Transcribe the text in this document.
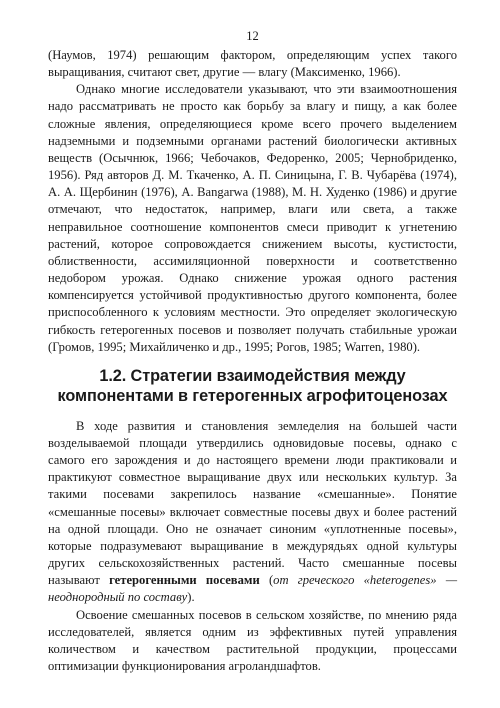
12

(Наумов, 1974) решающим фактором, определяющим успех такого выращивания, считают свет, другие — влагу (Максименко, 1966).

Однако многие исследователи указывают, что эти взаимоотношения надо рассматривать не просто как борьбу за влагу и пищу, а как более сложные явления, определяющиеся кроме всего прочего выделением надземными и подземными органами растений биологически активных веществ (Осычнюк, 1966; Чебочаков, Федоренко, 2005; Чернобриденко, 1956). Ряд авторов Д. М. Ткаченко, А. П. Синицына, Г. В. Чубарёва (1974), А. А. Щербинин (1976), А. Bangarwa (1988), М. Н. Худенко (1986) и другие отмечают, что недостаток, например, влаги или света, а также неправильное соотношение компонентов смеси приводит к угнетению растений, которое сопровождается снижением высоты, кустистости, облиственности, ассимиляционной поверхности и соответственно недобором урожая. Однако снижение урожая одного растения компенсируется устойчивой продуктивностью другого компонента, более приспособленного к условиям местности. Это определяет экологическую гибкость гетерогенных посевов и позволяет получать стабильные урожаи (Громов, 1995; Михайличенко и др., 1995; Рогов, 1985; Warren, 1980).

1.2. Стратегии взаимодействия между компонентами в гетерогенных агрофитоценозах

В ходе развития и становления земледелия на большей части возделываемой площади утвердились одновидовые посевы, однако с самого его зарождения и до настоящего времени люди практиковали и практикуют совместное выращивание двух или нескольких культур. За такими посевами закрепилось название «смешанные». Понятие «смешанные посевы» включает совместные посевы двух и более растений на одной площади. Оно не означает синоним «уплотненные посевы», которые подразумевают выращивание в междурядьях одной культуры других сельскохозяйственных растений. Часто смешанные посевы называют гетерогенными посевами (от греческого «heterogenes» — неоднородный по составу).

Освоение смешанных посевов в сельском хозяйстве, по мнению ряда исследователей, является одним из эффективных путей управления количеством и качеством растительной продукции, процессами оптимизации функционирования агроландшафтов.
